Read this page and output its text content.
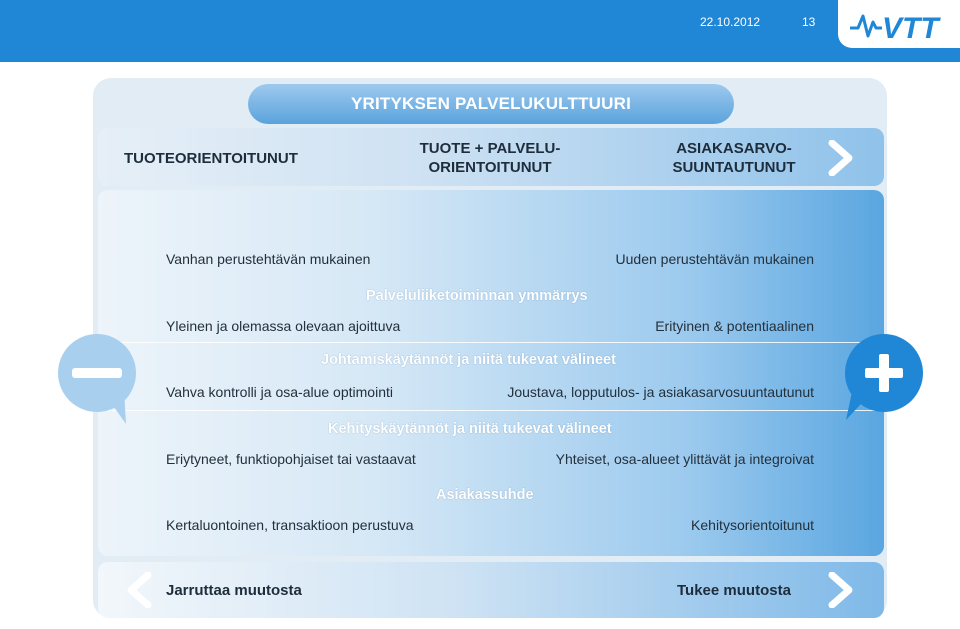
22.10.2012	13 VTT
YRITYKSEN PALVELUKULTTUURI
TUOTEORIENTOITUNUT
TUOTE + PALVELU-
ORIENTOITUNUT
ASIAKASARVO-
SUUNTAUTUNUT
Vanhan perustehtävän mukainen	Uuden perustehtävän mukainen
Palveluliiketoiminnan ymmärrys
Yleinen ja olemassa olevaan ajoittuva	Erityinen & potentiaalinen
Johtamiskäytännöt ja niitä tukevat välineet
Vahva kontrolli ja osa-alue optimointi	Joustava, lopputulos- ja asiakasarvosuuntautunut
Kehityskäytännöt ja niitä tukevat välineet
Eriytyneet, funktiopohjaiset tai vastaavat	Yhteiset, osa-alueet ylittävät ja integroivat
Asiakassuhde
Kertaluontoinen, transaktioon perustuva	Kehitysorientoitunut
Jarruttaa muutosta	Tukee muutosta
